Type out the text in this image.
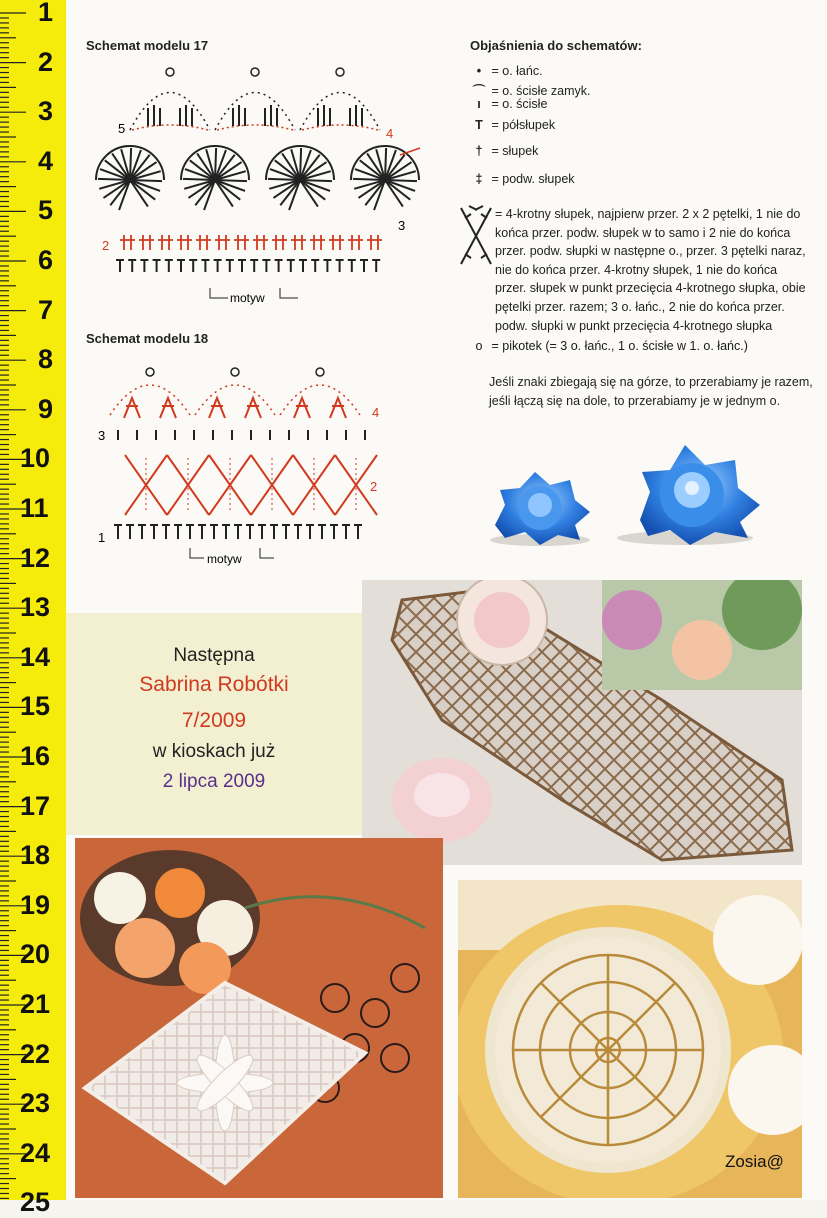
1
2
3
4
5
6
7
8
9
10
11
12
13
14
15
16
17
18
19
20
21
22
23
24
25
Schemat modelu 17
5	4
2
3
motyw
Schemat modelu 18
4
3
2
1
motyw
Objaśnienia do schematów:
• = o. łańc.
⌒ = o. ścisłe zamyk.
ı = o. ścisłe
T = półsłupek
† = słupek
‡ = podw. słupek
= 4-krotny słupek, najpierw przer. 2 x 2 pętelki, 1 nie do końca przer. podw. słupek w to samo i 2 nie do końca przer. podw. słupki w następne o., przer. 3 pętelki naraz, nie do końca przer. 4-krotny słupek, 1 nie do końca przer. słupek w punkt przecięcia 4-krotnego słupka, obie pętelki przer. razem; 3 o. łańc., 2 nie do końca przer. podw. słupki w punkt przecięcia 4-krotnego słupka
o = pikotek (= 3 o. łańc., 1 o. ścisłe w 1. o. łańc.)
Jeśli znaki zbiegają się na górze, to przerabiamy je razem, jeśli łączą się na dole, to przerabiamy je w jednym o.
Następna
Sabrina Robótki
7/2009
w kioskach już
2 lipca 2009
Zosia@
